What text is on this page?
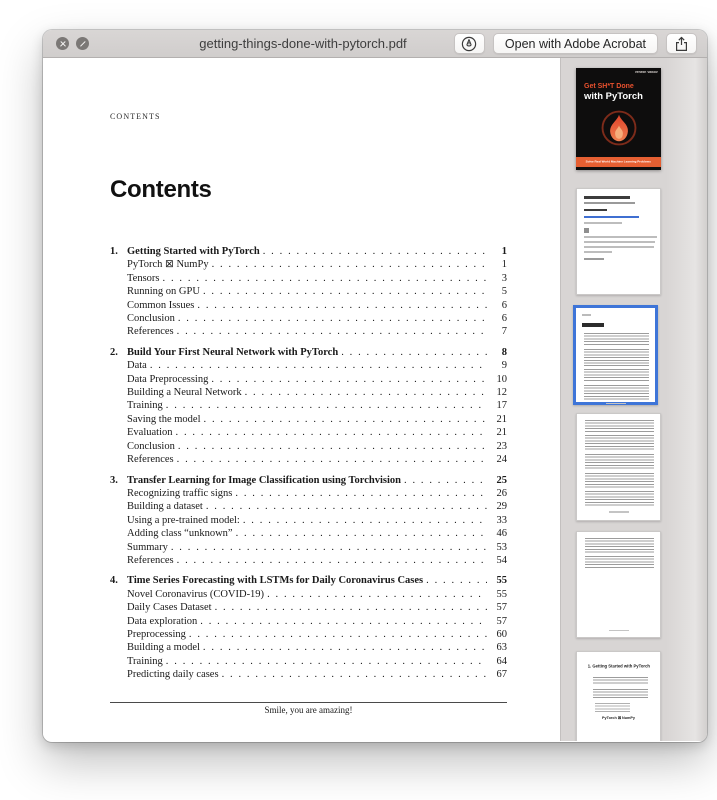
getting-things-done-with-pytorch.pdf	Open with Adobe Acrobat
CONTENTS
Contents
1. Getting Started with PyTorch . . .	1
PyTorch ⊠ NumPy . . .	1
Tensors . . .	3
Running on GPU . . .	5
Common Issues . . .	6
Conclusion . . .	6
References . . .	7
2. Build Your First Neural Network with PyTorch . . .	8
Data . . .	9
Data Preprocessing . . .	10
Building a Neural Network . . .	12
Training . . .	17
Saving the model . . .	21
Evaluation . . .	21
Conclusion . . .	23
References . . .	24
3. Transfer Learning for Image Classification using Torchvision . . .	25
Recognizing traffic signs . . .	26
Building a dataset . . .	29
Using a pre-trained model: . . .	33
Adding class “unknown” . . .	46
Summary . . .	53
References . . .	54
4. Time Series Forecasting with LSTMs for Daily Coronavirus Cases . . .	55
Novel Coronavirus (COVID-19) . . .	55
Daily Cases Dataset . . .	57
Data exploration . . .	57
Preprocessing . . .	60
Building a model . . .	63
Training . . .	64
Predicting daily cases . . .	67
Smile, you are amazing!
Venelin Valkov
Get SH*T Done
with PyTorch
Solve Real World Machine Learning Problems
1. Getting Started with PyTorch
PyTorch ⊠ NumPy
